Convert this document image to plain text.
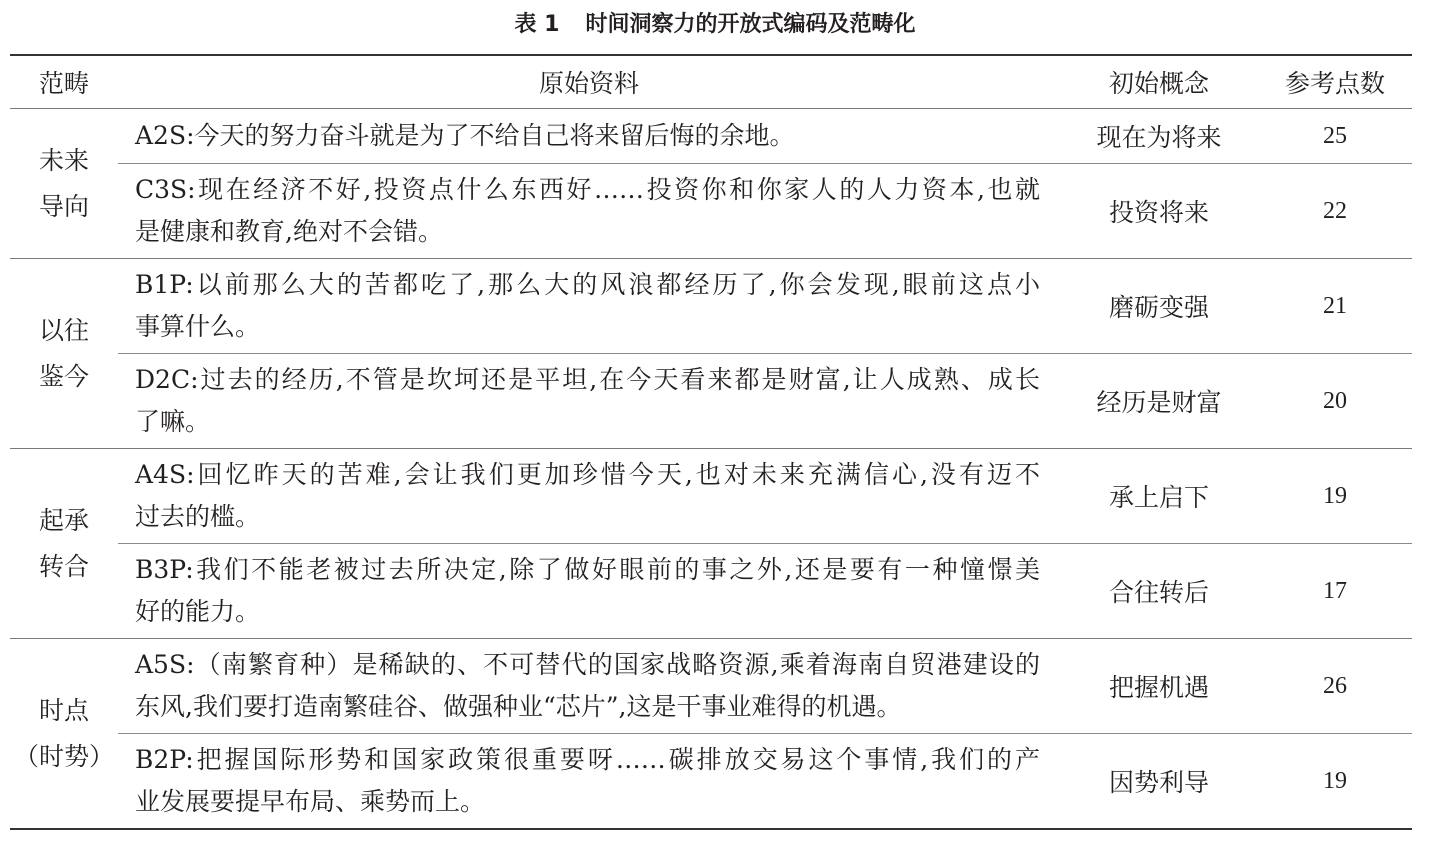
表 1 时间洞察力的开放式编码及范畴化
范畴	原始资料	初始概念	参考点数

未来
导向	A2S:今天的努力奋斗就是为了不给自己将来留后悔的余地。	现在为将来	25

	C3S:现在经济不好,投资点什么东西好……投资你和你家人的人力资本,也就
是健康和教育,绝对不会错。	投资将来	22

以往
鉴今	B1P:以前那么大的苦都吃了,那么大的风浪都经历了,你会发现,眼前这点小
事算什么。	磨砺变强	21

	D2C:过去的经历,不管是坎坷还是平坦,在今天看来都是财富,让人成熟、成长
了嘛。	经历是财富	20

起承
转合	A4S:回忆昨天的苦难,会让我们更加珍惜今天,也对未来充满信心,没有迈不
过去的槛。	承上启下	19

	B3P:我们不能老被过去所决定,除了做好眼前的事之外,还是要有一种憧憬美
好的能力。	合往转后	17

时点
（时势）	A5S:（南繁育种）是稀缺的、不可替代的国家战略资源,乘着海南自贸港建设的
东风,我们要打造南繁硅谷、做强种业“芯片”,这是干事业难得的机遇。	把握机遇	26

	B2P:把握国际形势和国家政策很重要呀……碳排放交易这个事情,我们的产
业发展要提早布局、乘势而上。	因势利导	19
